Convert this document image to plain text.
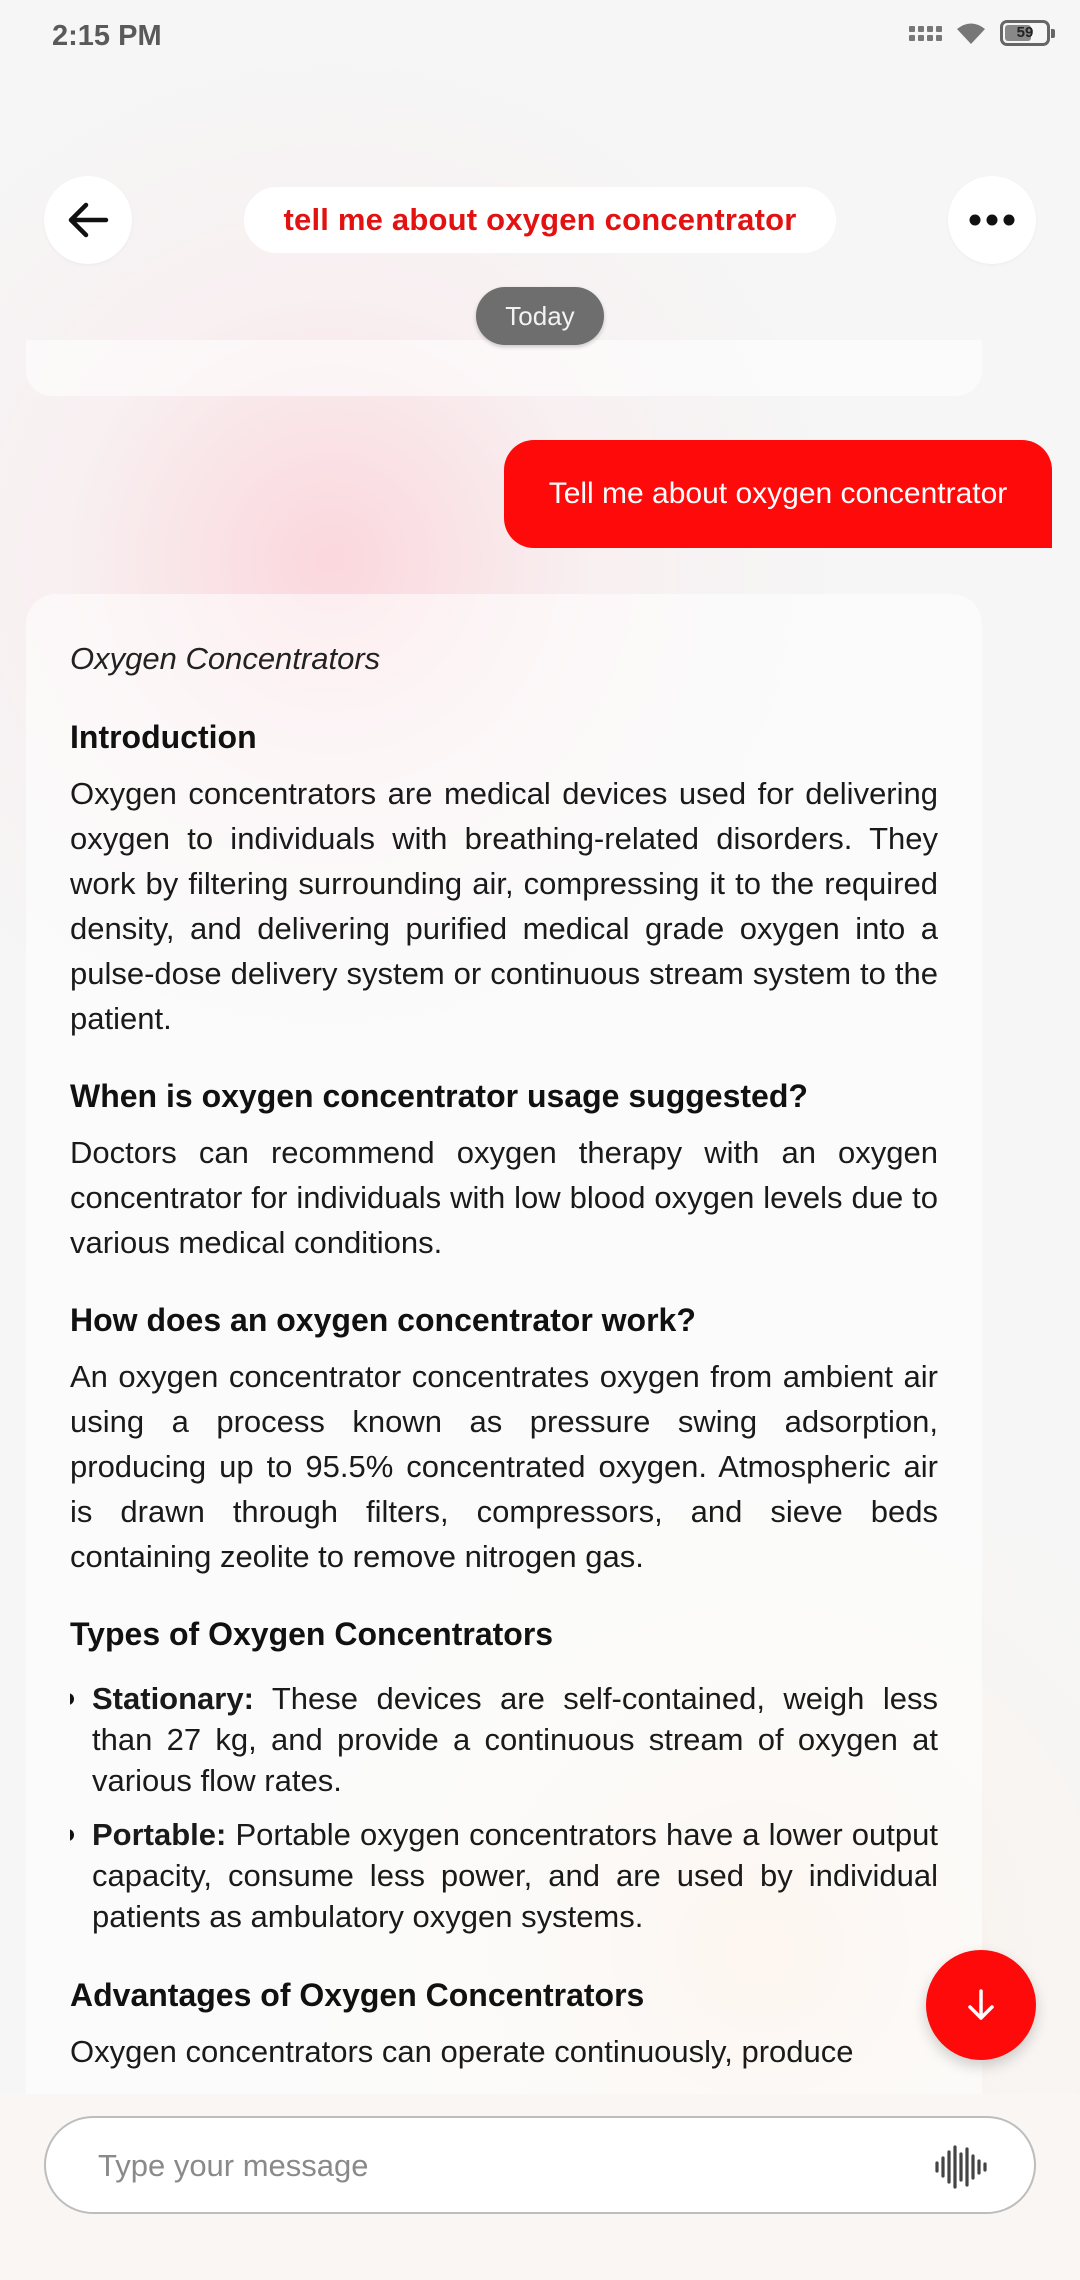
2:15 PM	59
tell me about oxygen concentrator
Today
Tell me about oxygen concentrator
Oxygen Concentrators
Introduction
Oxygen concentrators are medical devices used for delivering oxygen to individuals with breathing-related disorders. They work by filtering surrounding air, compressing it to the required density, and delivering purified medical grade oxygen into a pulse-dose delivery system or continuous stream system to the patient.
When is oxygen concentrator usage suggested?
Doctors can recommend oxygen therapy with an oxygen concentrator for individuals with low blood oxygen levels due to various medical conditions.
How does an oxygen concentrator work?
An oxygen concentrator concentrates oxygen from ambient air using a process known as pressure swing adsorption, producing up to 95.5% concentrated oxygen. Atmospheric air is drawn through filters, compressors, and sieve beds containing zeolite to remove nitrogen gas.
Types of Oxygen Concentrators
Stationary: These devices are self-contained, weigh less than 27 kg, and provide a continuous stream of oxygen at various flow rates.
Portable: Portable oxygen concentrators have a lower output capacity, consume less power, and are used by individual patients as ambulatory oxygen systems.
Advantages of Oxygen Concentrators
Oxygen concentrators can operate continuously, produce
Type your message
